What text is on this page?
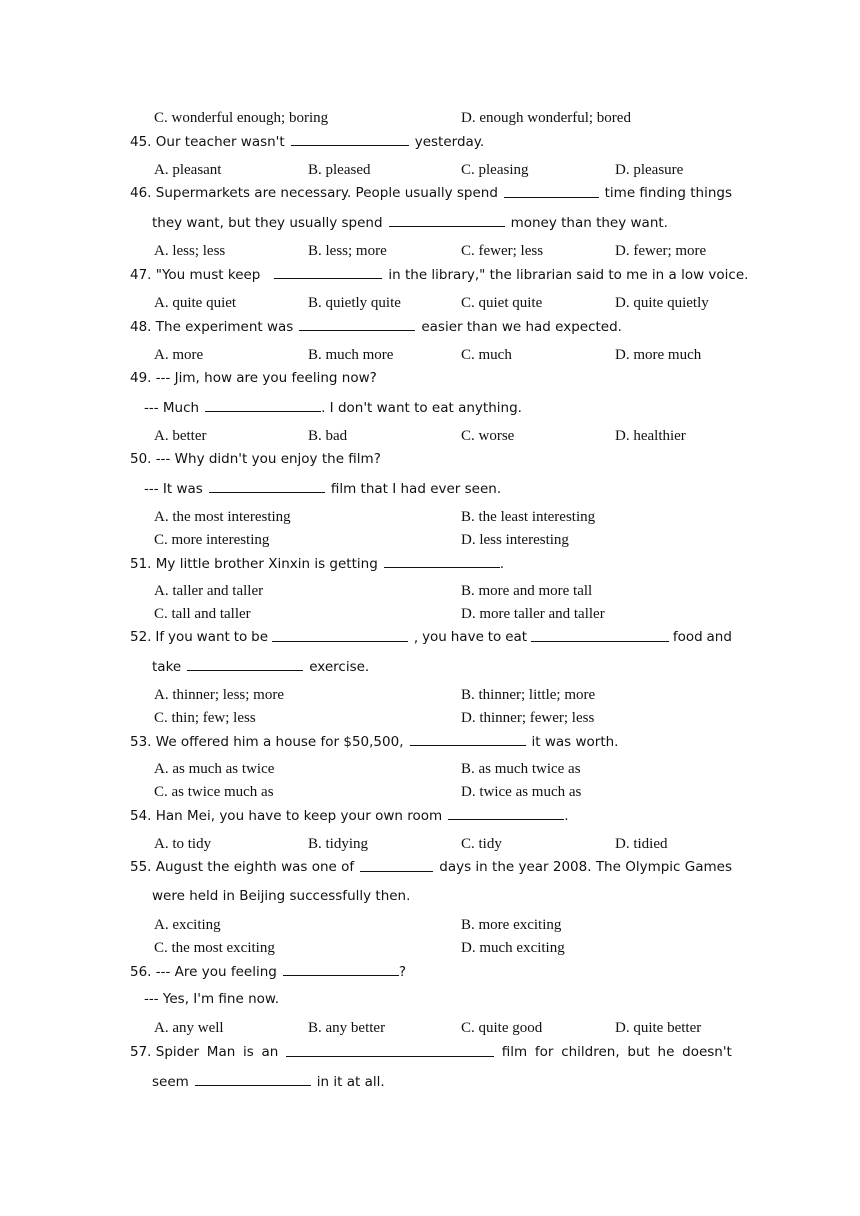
C. wonderful enough; boring	D. enough wonderful; bored
45. Our teacher wasn't	yesterday.
A. pleasant	B. pleased	C. pleasing	D. pleasure
46. Supermarkets are necessary. People usually spend	time finding things
they want, but they usually spend	money than they want.
A. less; less	B. less; more	C. fewer; less	D. fewer; more
47. "You must keep	in the library," the librarian said to me in a low voice.
A. quite quiet	B. quietly quite	C. quiet quite	D. quite quietly
48. The experiment was	easier than we had expected.
A. more	B. much more	C. much	D. more much
49. --- Jim, how are you feeling now?
--- Much	. I don't want to eat anything.
A. better	B. bad	C. worse	D. healthier
50. --- Why didn't you enjoy the film?
--- It was	film that I had ever seen.
A. the most interesting	B. the least interesting
C. more interesting	D. less interesting
51. My little brother Xinxin is getting	.
A. taller and taller	B. more and more tall
C. tall and taller	D. more taller and taller
52. If you want to be	, you have to eat	food and
take	exercise.
A. thinner; less; more	B. thinner; little; more
C. thin; few; less	D. thinner; fewer; less
53. We offered him a house for $50,500,	it was worth.
A. as much as twice	B. as much twice as
C. as twice much as	D. twice as much as
54. Han Mei, you have to keep your own room	.
A. to tidy	B. tidying	C. tidy	D. tidied
55. August the eighth was one of	days in the year 2008. The Olympic Games
were held in Beijing successfully then.
A. exciting	B. more exciting
C. the most exciting	D. much exciting
56. --- Are you feeling	?
--- Yes, I'm fine now.
A. any well	B. any better	C. quite good	D. quite better
57. Spider Man is an	film for children, but he doesn't
seem	in it at all.
